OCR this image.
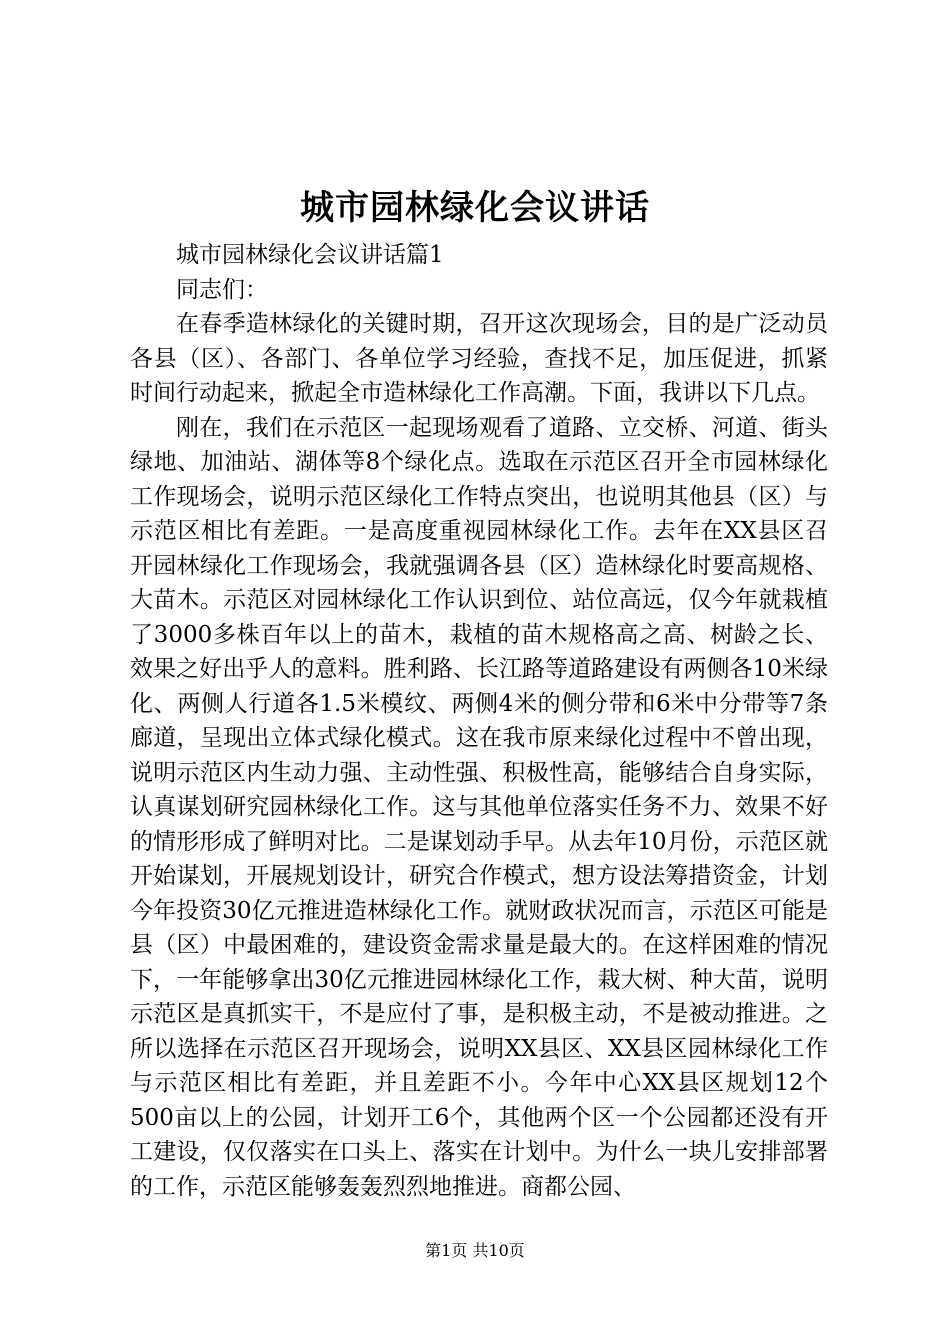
城市园林绿化会议讲话

城市园林绿化会议讲话篇1

同志们：

在春季造林绿化的关键时期，召开这次现场会，目的是广泛动员各县（区）、各部门、各单位学习经验，查找不足，加压促进，抓紧时间行动起来，掀起全市造林绿化工作高潮。下面，我讲以下几点。

刚在，我们在示范区一起现场观看了道路、立交桥、河道、街头绿地、加油站、湖体等8个绿化点。选取在示范区召开全市园林绿化工作现场会，说明示范区绿化工作特点突出，也说明其他县（区）与示范区相比有差距。一是高度重视园林绿化工作。去年在XX县区召开园林绿化工作现场会，我就强调各县（区）造林绿化时要高规格、大苗木。示范区对园林绿化工作认识到位、站位高远，仅今年就栽植了3000多株百年以上的苗木，栽植的苗木规格高之高、树龄之长、效果之好出乎人的意料。胜利路、长江路等道路建设有两侧各10米绿化、两侧人行道各1.5米模纹、两侧4米的侧分带和6米中分带等7条廊道，呈现出立体式绿化模式。这在我市原来绿化过程中不曾出现，说明示范区内生动力强、主动性强、积极性高，能够结合自身实际，认真谋划研究园林绿化工作。这与其他单位落实任务不力、效果不好的情形形成了鲜明对比。二是谋划动手早。从去年10月份，示范区就开始谋划，开展规划设计，研究合作模式，想方设法筹措资金，计划今年投资30亿元推进造林绿化工作。就财政状况而言，示范区可能是县（区）中最困难的，建设资金需求量是最大的。在这样困难的情况下，一年能够拿出30亿元推进园林绿化工作，栽大树、种大苗，说明示范区是真抓实干，不是应付了事，是积极主动，不是被动推进。之所以选择在示范区召开现场会，说明XX县区、XX县区园林绿化工作与示范区相比有差距，并且差距不小。今年中心XX县区规划12个500亩以上的公园，计划开工6个，其他两个区一个公园都还没有开工建设，仅仅落实在口头上、落实在计划中。为什么一块儿安排部署的工作，示范区能够轰轰烈烈地推进。商都公园、

第1页 共10页
